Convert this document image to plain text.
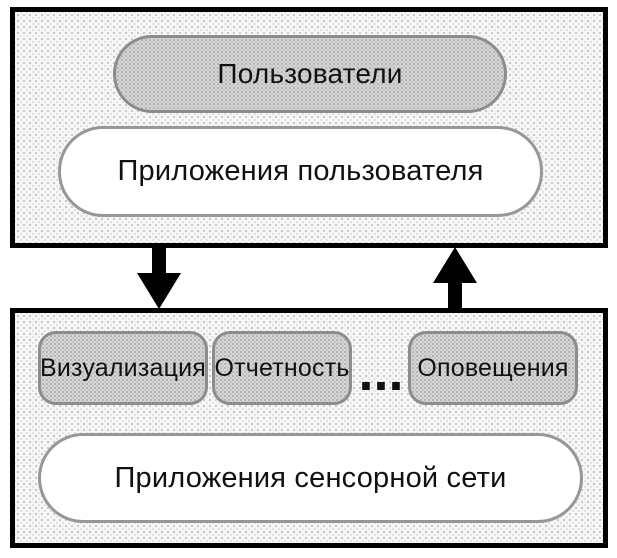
Пользователи
Приложения пользователя
Визуализация Отчетность ... Оповещения
Приложения сенсорной сети
